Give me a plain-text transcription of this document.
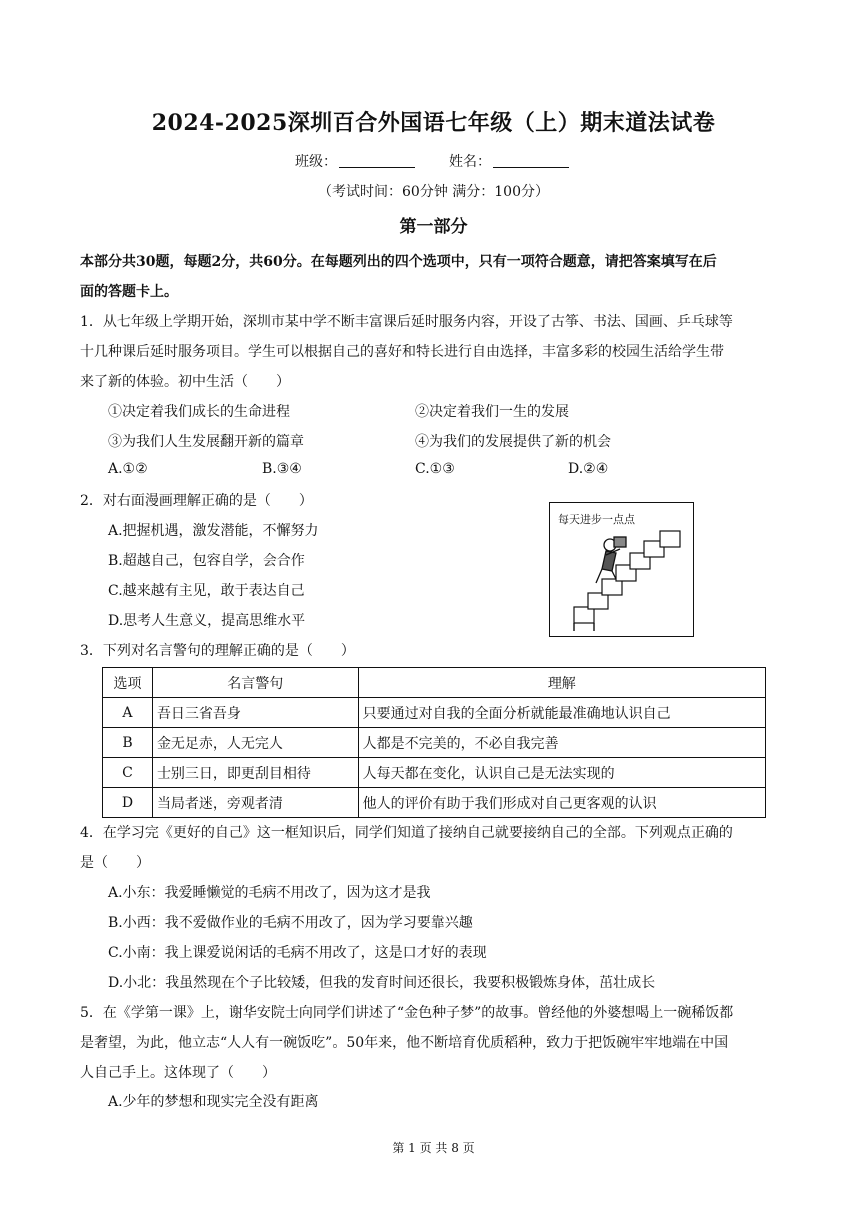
2024-2025深圳百合外国语七年级（上）期末道法试卷
班级：	姓名：
（考试时间：60分钟 满分：100分）
第一部分
本部分共30题，每题2分，共60分。在每题列出的四个选项中，只有一项符合题意，请把答案填写在后
面的答题卡上。
1．从七年级上学期开始，深圳市某中学不断丰富课后延时服务内容，开设了古筝、书法、国画、乒乓球等
十几种课后延时服务项目。学生可以根据自己的喜好和特长进行自由选择，丰富多彩的校园生活给学生带
来了新的体验。初中生活（　　）
①决定着我们成长的生命进程	②决定着我们一生的发展
③为我们人生发展翻开新的篇章	④为我们的发展提供了新的机会
A.①②	B.③④	C.①③	D.②④
2．对右面漫画理解正确的是（　　）
A.把握机遇，激发潜能，不懈努力
B.超越自己，包容自学，会合作
C.越来越有主见，敢于表达自己
D.思考人生意义，提高思维水平
每天进步一点点
3．下列对名言警句的理解正确的是（　　）
选项	名言警句	理解
A	吾日三省吾身	只要通过对自我的全面分析就能最准确地认识自己
B	金无足赤，人无完人	人都是不完美的，不必自我完善
C	士别三日，即更刮目相待	人每天都在变化，认识自己是无法实现的
D	当局者迷，旁观者清	他人的评价有助于我们形成对自己更客观的认识
4．在学习完《更好的自己》这一框知识后，同学们知道了接纳自己就要接纳自己的全部。下列观点正确的
是（　　）
A.小东：我爱睡懒觉的毛病不用改了，因为这才是我
B.小西：我不爱做作业的毛病不用改了，因为学习要靠兴趣
C.小南：我上课爱说闲话的毛病不用改了，这是口才好的表现
D.小北：我虽然现在个子比较矮，但我的发育时间还很长，我要积极锻炼身体，茁壮成长
5．在《学第一课》上，谢华安院士向同学们讲述了“金色种子梦”的故事。曾经他的外婆想喝上一碗稀饭都
是奢望，为此，他立志“人人有一碗饭吃”。50年来，他不断培育优质稻种，致力于把饭碗牢牢地端在中国
人自己手上。这体现了（　　）
A.少年的梦想和现实完全没有距离
第 1 页 共 8 页
